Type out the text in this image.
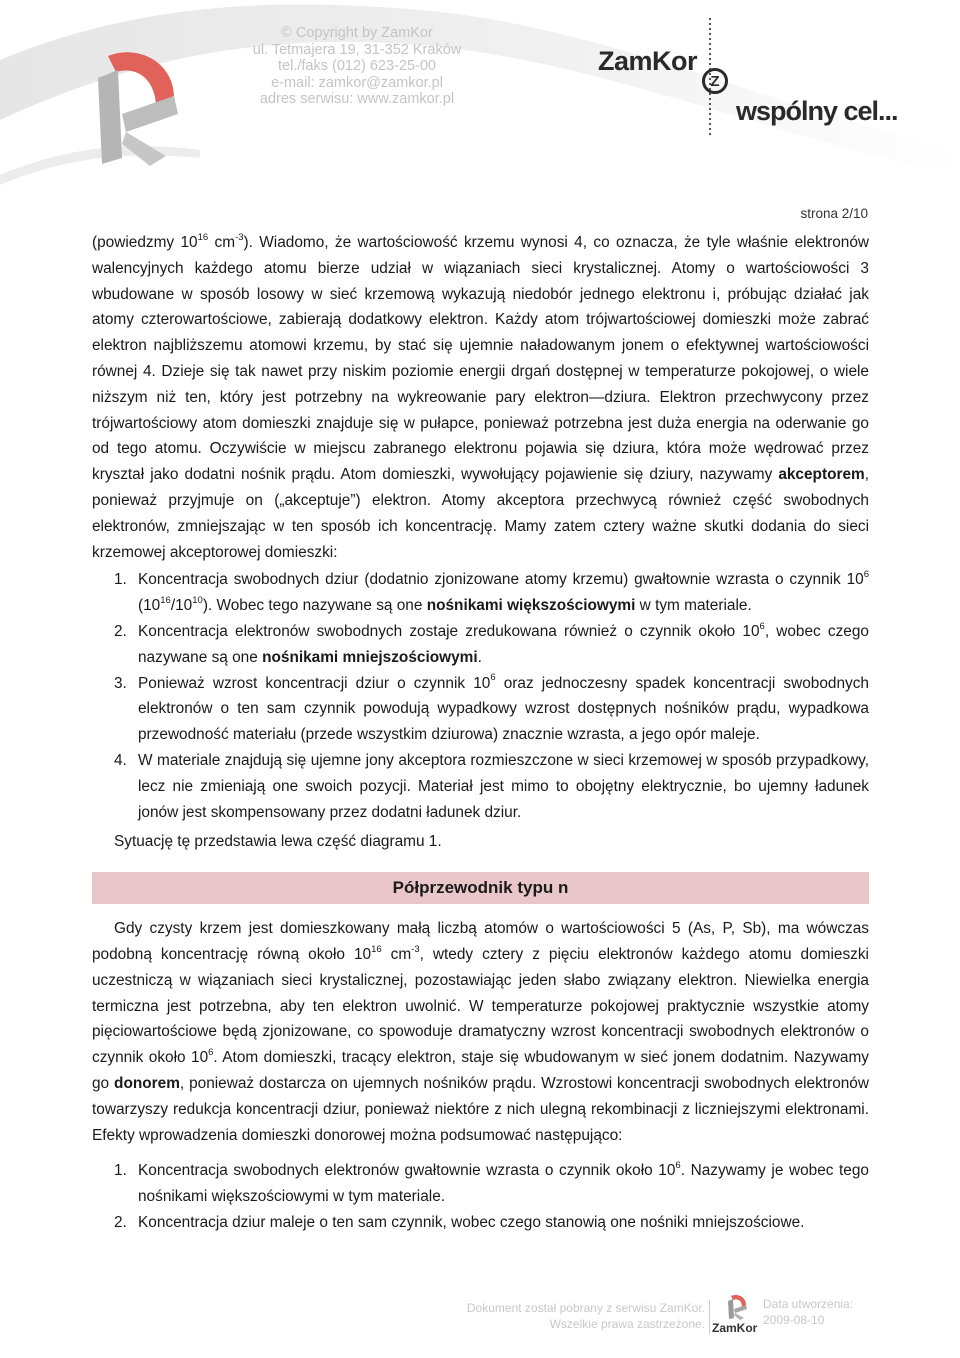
© Copyright by ZamKor
ul. Tetmajera 19, 31-352 Kraków
tel./faks (012) 623-25-00
e-mail: zamkor@zamkor.pl
adres serwisu: www.zamkor.pl
ZamKor
Z
wspólny cel...
strona 2/10

(powiedzmy $10^{16}$ $cm^{-3}$). Wiadomo, że wartościowość krzemu wynosi 4, co oznacza, że tyle właśnie elektronów walencyjnych każdego atomu bierze udział w wiązaniach sieci krystalicznej. Atomy o wartościowości 3 wbudowane w sposób losowy w sieć krzemową wykazują niedobór jednego elektronu i, próbując działać jak atomy czterowartościowe, zabierają dodatkowy elektron. Każdy atom trójwartościowej domieszki może zabrać elektron najbliższemu atomowi krzemu, by stać się ujemnie naładowanym jonem o efektywnej wartościowości równej 4. Dzieje się tak nawet przy niskim poziomie energii drgań dostępnej w temperaturze pokojowej, o wiele niższym niż ten, który jest potrzebny na wykreowanie pary elektron—dziura. Elektron przechwycony przez trójwartościowy atom domieszki znajduje się w pułapce, ponieważ potrzebna jest duża energia na oderwanie go od tego atomu. Oczywiście w miejscu zabranego elektronu pojawia się dziura, która może wędrować przez kryształ jako dodatni nośnik prądu. Atom domieszki, wywołujący pojawienie się dziury, nazywamy akceptorem, ponieważ przyjmuje on („akceptuje”) elektron. Atomy akceptora przechwycą również część swobodnych elektronów, zmniejszając w ten sposób ich koncentrację. Mamy zatem cztery ważne skutki dodania do sieci krzemowej akceptorowej domieszki:

1. Koncentracja swobodnych dziur (dodatnio zjonizowane atomy krzemu) gwałtownie wzrasta o czynnik $10^6$ $(10^{16}/10^{10})$. Wobec tego nazywane są one nośnikami większościowymi w tym materiale.
2. Koncentracja elektronów swobodnych zostaje zredukowana również o czynnik około $10^6$, wobec czego nazywane są one nośnikami mniejszościowymi.
3. Ponieważ wzrost koncentracji dziur o czynnik $10^6$ oraz jednoczesny spadek koncentracji swobodnych elektronów o ten sam czynnik powodują wypadkowy wzrost dostępnych nośników prądu, wypadkowa przewodność materiału (przede wszystkim dziurowa) znacznie wzrasta, a jego opór maleje.
4. W materiale znajdują się ujemne jony akceptora rozmieszczone w sieci krzemowej w sposób przypadkowy, lecz nie zmieniają one swoich pozycji. Materiał jest mimo to obojętny elektrycznie, bo ujemny ładunek jonów jest skompensowany przez dodatni ładunek dziur.

Sytuację tę przedstawia lewa część diagramu 1.

Półprzewodnik typu n

Gdy czysty krzem jest domieszkowany małą liczbą atomów o wartościowości 5 (As, P, Sb), ma wówczas podobną koncentrację równą około $10^{16}$ $cm^{-3}$, wtedy cztery z pięciu elektronów każdego atomu domieszki uczestniczą w wiązaniach sieci krystalicznej, pozostawiając jeden słabo związany elektron. Niewielka energia termiczna jest potrzebna, aby ten elektron uwolnić. W temperaturze pokojowej praktycznie wszystkie atomy pięciowartościowe będą zjonizowane, co spowoduje dramatyczny wzrost koncentracji swobodnych elektronów o czynnik około $10^6$. Atom domieszki, tracący elektron, staje się wbudowanym w sieć jonem dodatnim. Nazywamy go donorem, ponieważ dostarcza on ujemnych nośników prądu. Wzrostowi koncentracji swobodnych elektronów towarzyszy redukcja koncentracji dziur, ponieważ niektóre z nich ulegną rekombinacji z liczniejszymi elektronami. Efekty wprowadzenia domieszki donorowej można podsumować następująco:

1. Koncentracja swobodnych elektronów gwałtownie wzrasta o czynnik około $10^6$. Nazywamy je wobec tego nośnikami większościowymi w tym materiale.
2. Koncentracja dziur maleje o ten sam czynnik, wobec czego stanowią one nośniki mniejszościowe.
Dokument został pobrany z serwisu ZamKor.
Wszelkie prawa zastrzeżone. ZamKor
Data utworzenia:
2009-08-10
